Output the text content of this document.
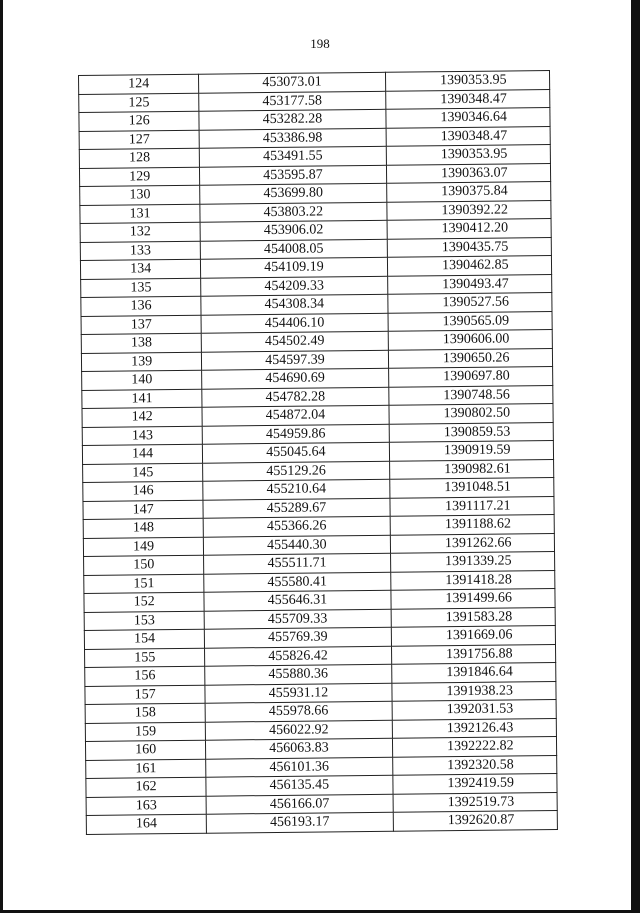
198
124	453073.01	1390353.95
125	453177.58	1390348.47
126	453282.28	1390346.64
127	453386.98	1390348.47
128	453491.55	1390353.95
129	453595.87	1390363.07
130	453699.80	1390375.84
131	453803.22	1390392.22
132	453906.02	1390412.20
133	454008.05	1390435.75
134	454109.19	1390462.85
135	454209.33	1390493.47
136	454308.34	1390527.56
137	454406.10	1390565.09
138	454502.49	1390606.00
139	454597.39	1390650.26
140	454690.69	1390697.80
141	454782.28	1390748.56
142	454872.04	1390802.50
143	454959.86	1390859.53
144	455045.64	1390919.59
145	455129.26	1390982.61
146	455210.64	1391048.51
147	455289.67	1391117.21
148	455366.26	1391188.62
149	455440.30	1391262.66
150	455511.71	1391339.25
151	455580.41	1391418.28
152	455646.31	1391499.66
153	455709.33	1391583.28
154	455769.39	1391669.06
155	455826.42	1391756.88
156	455880.36	1391846.64
157	455931.12	1391938.23
158	455978.66	1392031.53
159	456022.92	1392126.43
160	456063.83	1392222.82
161	456101.36	1392320.58
162	456135.45	1392419.59
163	456166.07	1392519.73
164	456193.17	1392620.87
